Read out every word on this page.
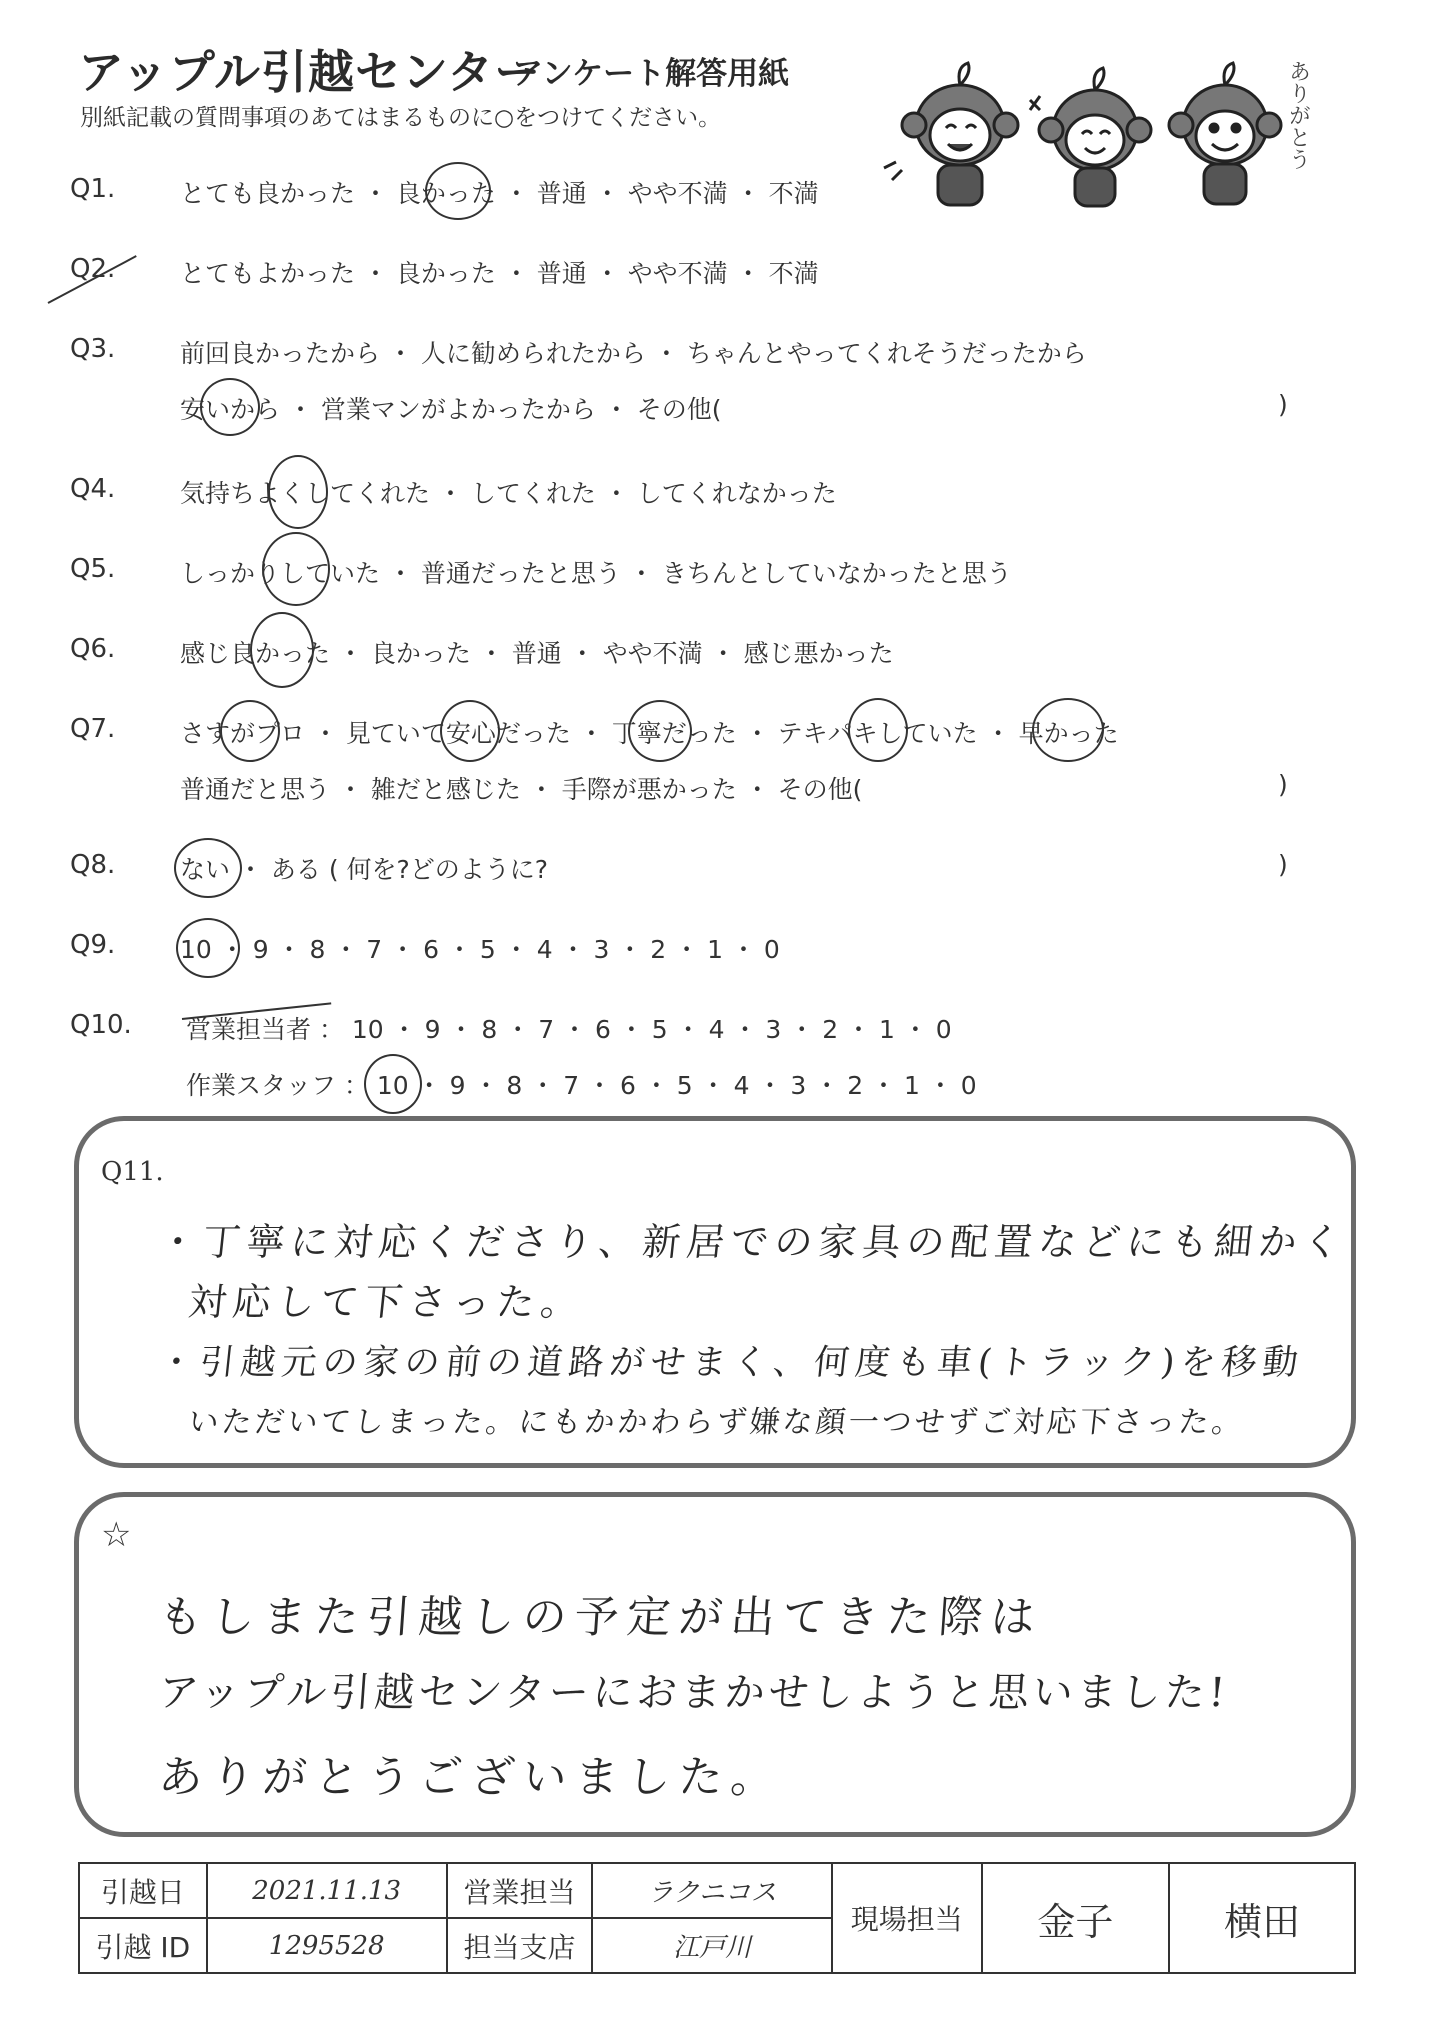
アップル引越センター
アンケート解答用紙
別紙記載の質問事項のあてはまるものに○をつけてください。	ありがとう
Q1.	とても良かった ・ 良かった ・ 普通 ・ やや不満 ・ 不満
Q2.	とてもよかった ・ 良かった ・ 普通 ・ やや不満 ・ 不満
Q3.	前回良かったから ・ 人に勧められたから ・ ちゃんとやってくれそうだったから
安いから ・ 営業マンがよかったから ・ その他(	)
Q4.	気持ちよくしてくれた ・ してくれた ・ してくれなかった
Q5.	しっかりしていた ・ 普通だったと思う ・ きちんとしていなかったと思う
Q6.	感じ良かった ・ 良かった ・ 普通 ・ やや不満 ・ 感じ悪かった
Q7.	さすがプロ ・ 見ていて安心だった ・ 丁寧だった ・ テキパキしていた ・ 早かった
普通だと思う ・ 雑だと感じた ・ 手際が悪かった ・ その他(	)
Q8.	ない ・ ある ( 何を?どのように?	)
Q9.	10 ・ 9 ・ 8 ・ 7 ・ 6 ・ 5 ・ 4 ・ 3 ・ 2 ・ 1 ・ 0
Q10. 営業担当者 ： 10 ・ 9 ・ 8 ・ 7 ・ 6 ・ 5 ・ 4 ・ 3 ・ 2 ・ 1 ・ 0
作業スタッフ ： 10 ・ 9 ・ 8 ・ 7 ・ 6 ・ 5 ・ 4 ・ 3 ・ 2 ・ 1 ・ 0
Q11.
・丁寧に対応くださり、新居での家具の配置などにも細かく
対応して下さった。
・引越元の家の前の道路がせまく、何度も車(トラック)を移動
いただいてしまった。にもかかわらず嫌な顔一つせずご対応下さった。
☆
もしまた引越しの予定が出てきた際は
アップル引越センターにおまかせしようと思いました!
ありがとうございました。
引越日	2021.11.13	営業担当	ラクニコス	現場担当	金子	横田
引越 ID	1295528	担当支店	江戸川			
